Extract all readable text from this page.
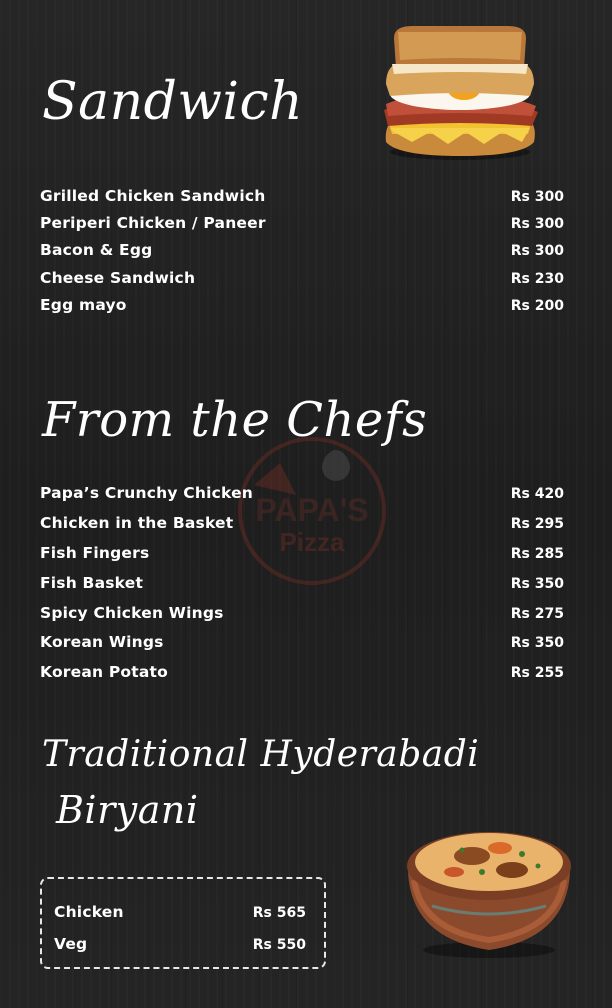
PAPA'S
Pizza
Sandwich
Grilled Chicken Sandwich	Rs 300
Periperi Chicken / Paneer	Rs 300
Bacon & Egg	Rs 300
Cheese Sandwich	Rs 230
Egg mayo	Rs 200
From the Chefs
Papa’s Crunchy Chicken	Rs 420
Chicken in the Basket	Rs 295
Fish Fingers	Rs 285
Fish Basket	Rs 350
Spicy Chicken Wings	Rs 275
Korean Wings	Rs 350
Korean Potato	Rs 255
Traditional Hyderabadi
Biryani
Chicken	Rs 565
Veg	Rs 550
